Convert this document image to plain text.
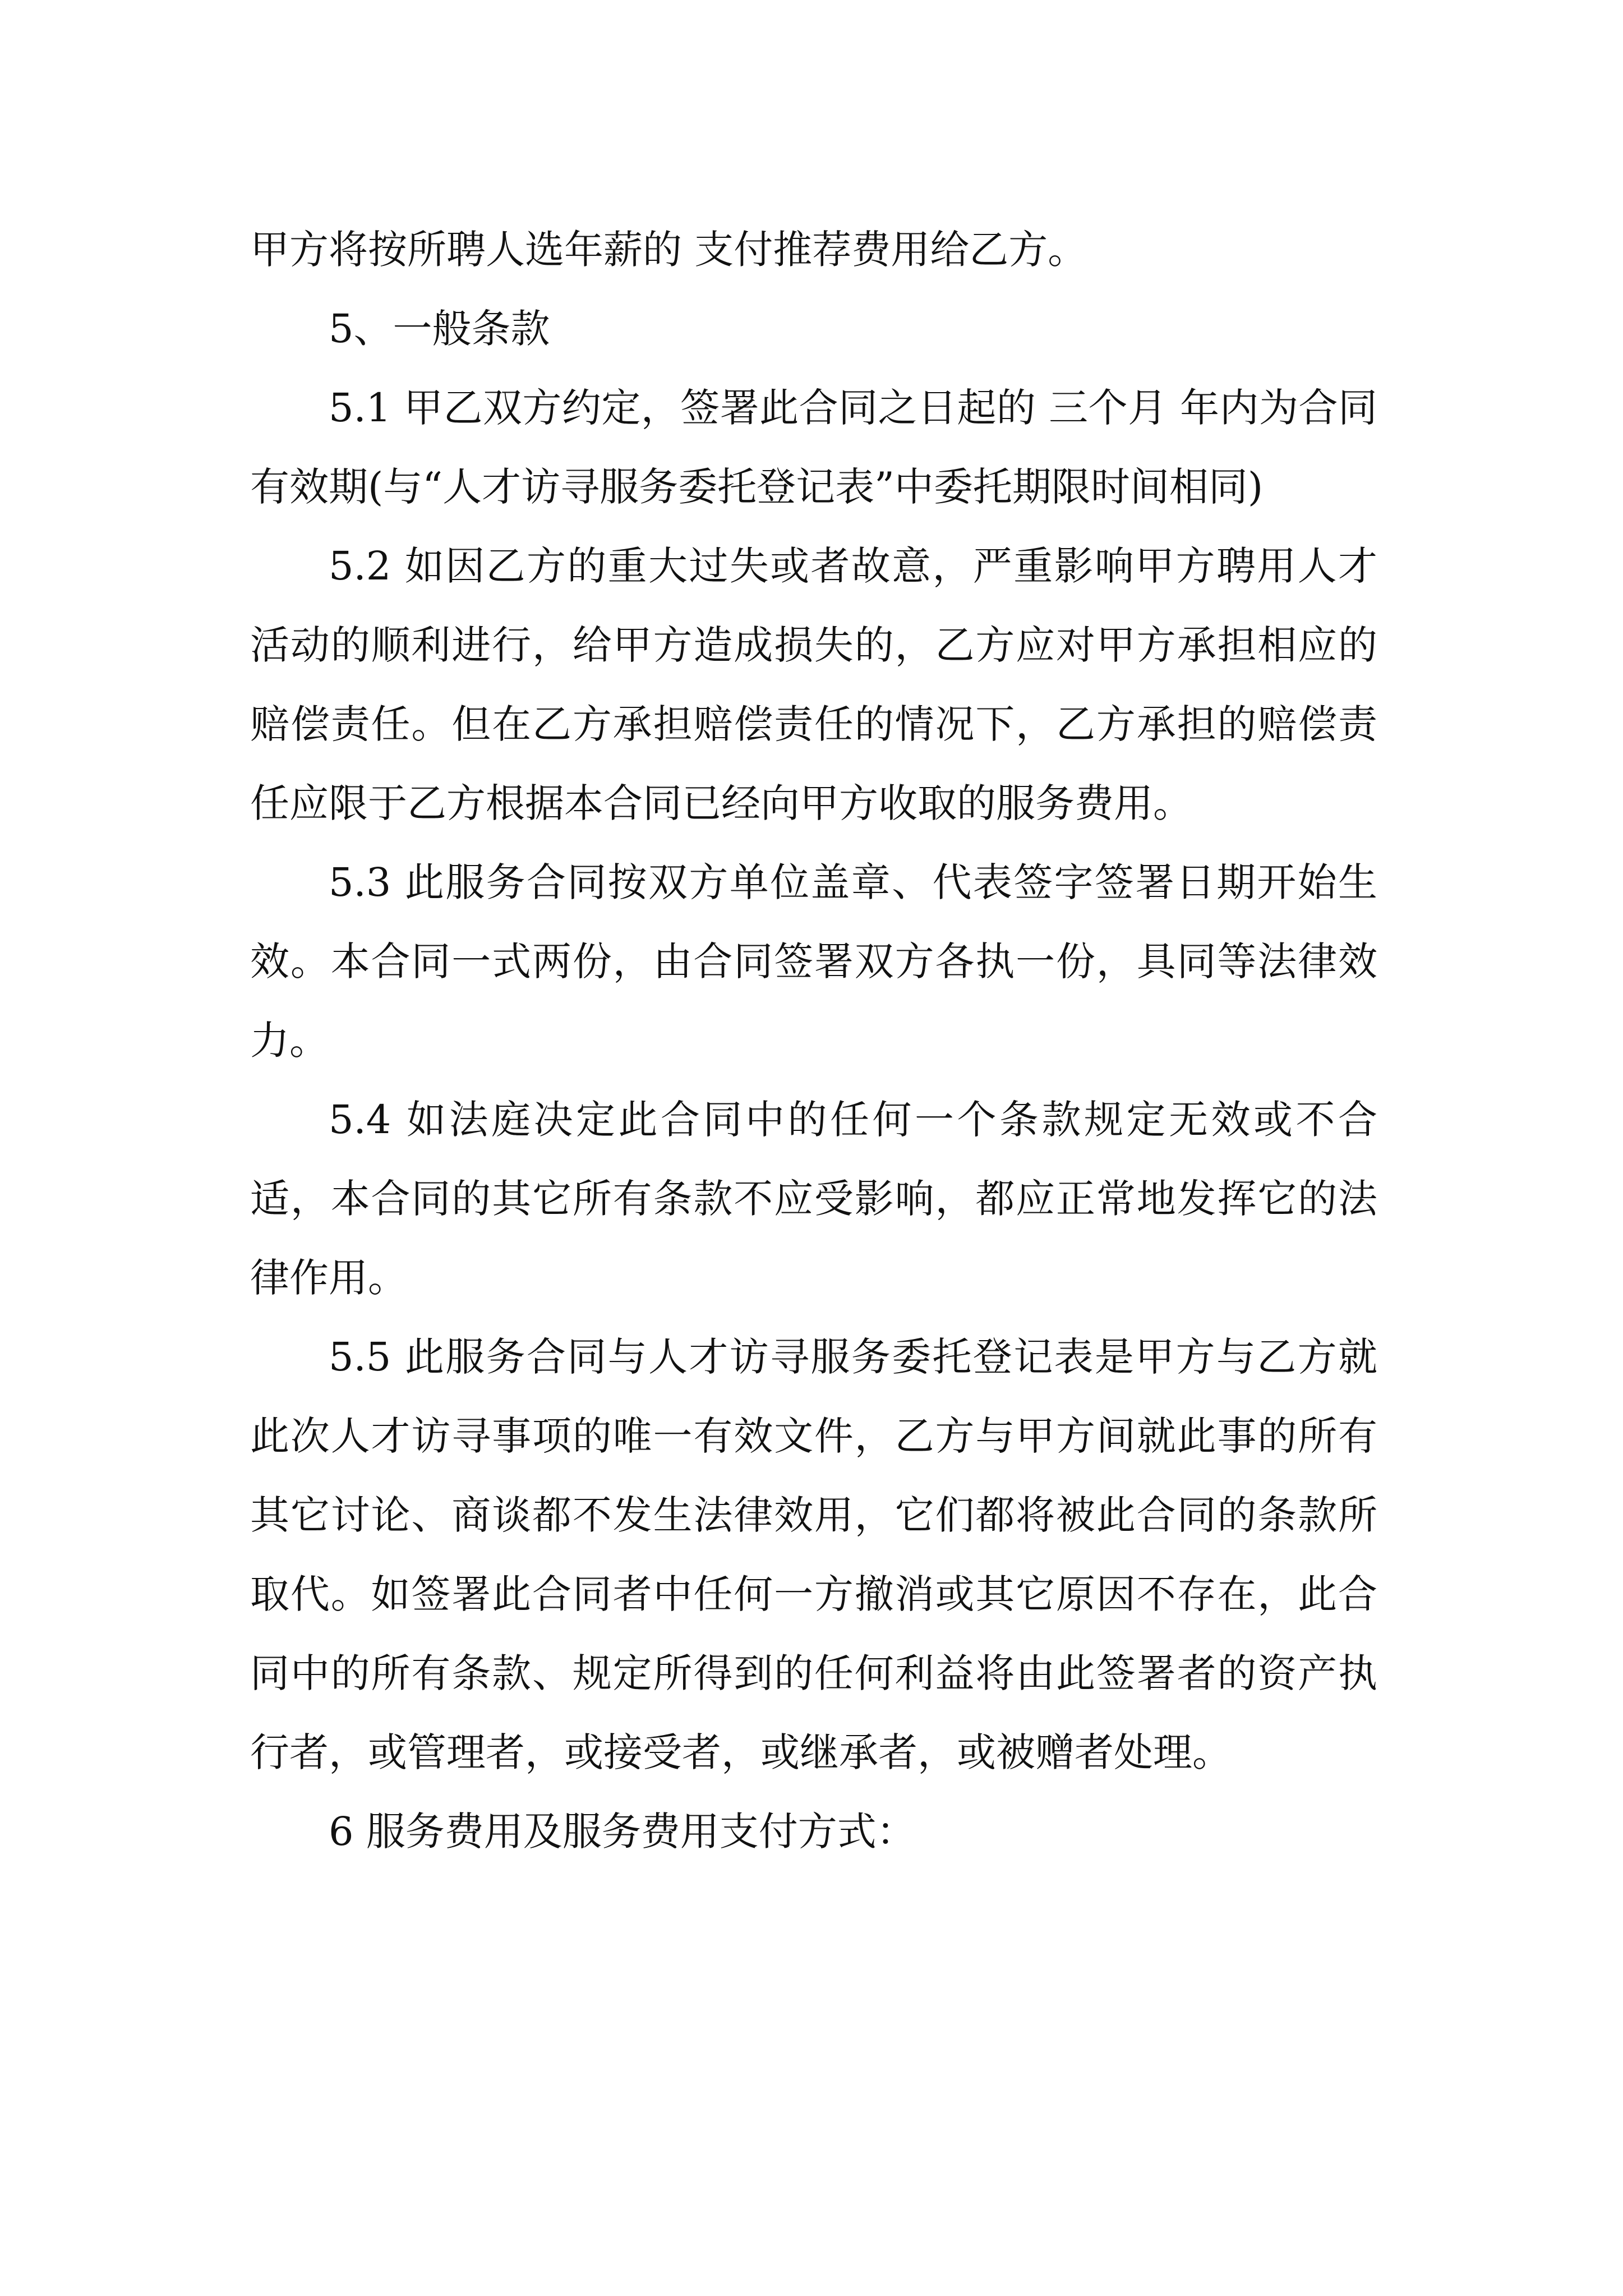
甲方将按所聘人选年薪的 支付推荐费用给乙方。

5、一般条款

5.1 甲乙双方约定，签署此合同之日起的 三个月 年内为合同有效期(与“人才访寻服务委托登记表”中委托期限时间相同)

5.2 如因乙方的重大过失或者故意，严重影响甲方聘用人才活动的顺利进行，给甲方造成损失的，乙方应对甲方承担相应的赔偿责任。但在乙方承担赔偿责任的情况下，乙方承担的赔偿责任应限于乙方根据本合同已经向甲方收取的服务费用。

5.3 此服务合同按双方单位盖章、代表签字签署日期开始生效。本合同一式两份，由合同签署双方各执一份，具同等法律效力。

5.4 如法庭决定此合同中的任何一个条款规定无效或不合适，本合同的其它所有条款不应受影响，都应正常地发挥它的法律作用。

5.5 此服务合同与人才访寻服务委托登记表是甲方与乙方就此次人才访寻事项的唯一有效文件，乙方与甲方间就此事的所有其它讨论、商谈都不发生法律效用，它们都将被此合同的条款所取代。如签署此合同者中任何一方撤消或其它原因不存在，此合同中的所有条款、规定所得到的任何利益将由此签署者的资产执行者，或管理者，或接受者，或继承者，或被赠者处理。

6 服务费用及服务费用支付方式：
